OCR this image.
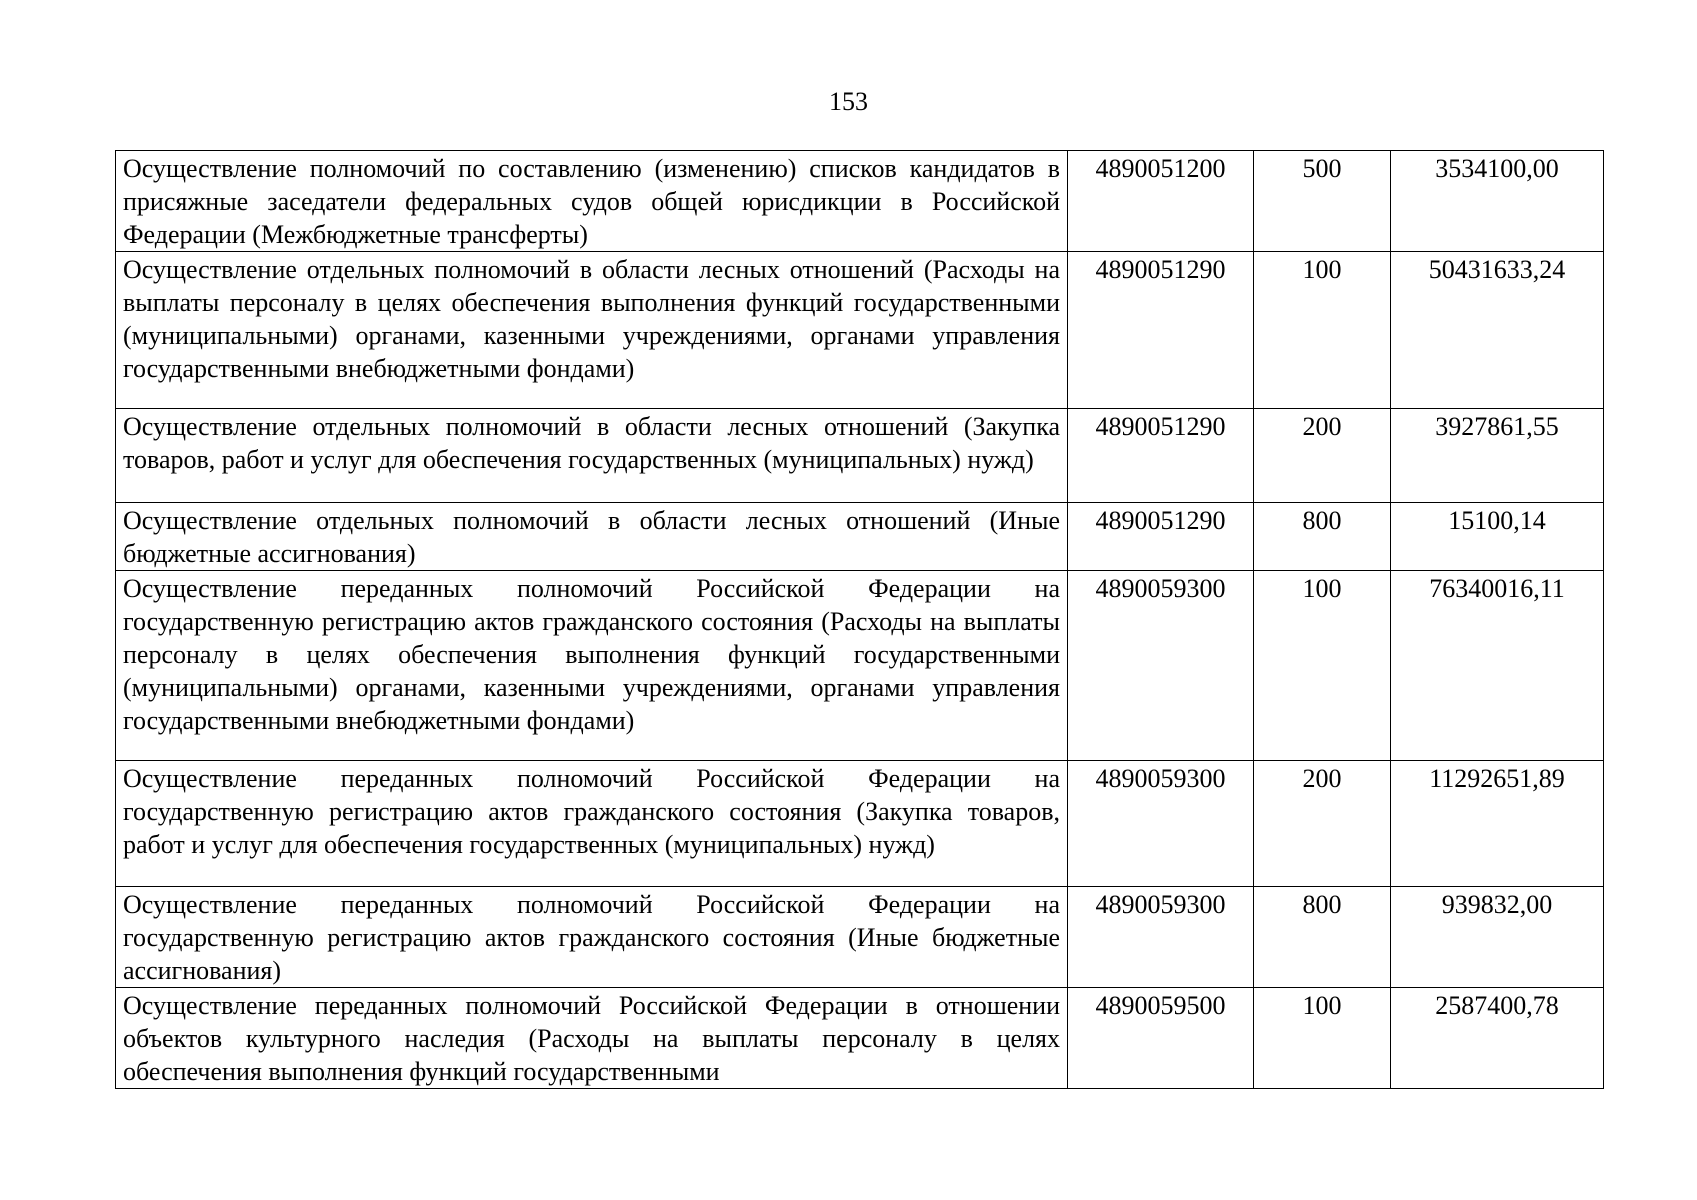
153
Осуществление полномочий по составлению (изменению) списков кандидатов в присяжные заседатели федеральных судов общей юрисдикции в Российской Федерации (Межбюджетные трансферты)	4890051200	500	3534100,00
Осуществление отдельных полномочий в области лесных отношений (Расходы на выплаты персоналу в целях обеспечения выполнения функций государственными (муниципальными) органами, казенными учреждениями, органами управления государственными внебюджетными фондами)	4890051290	100	50431633,24
Осуществление отдельных полномочий в области лесных отношений (Закупка товаров, работ и услуг для обеспечения государственных (муниципальных) нужд)	4890051290	200	3927861,55
Осуществление отдельных полномочий в области лесных отношений (Иные бюджетные ассигнования)	4890051290	800	15100,14
Осуществление переданных полномочий Российской Федерации на государственную регистрацию актов гражданского состояния (Расходы на выплаты персоналу в целях обеспечения выполнения функций государственными (муниципальными) органами, казенными учреждениями, органами управления государственными внебюджетными фондами)	4890059300	100	76340016,11
Осуществление переданных полномочий Российской Федерации на государственную регистрацию актов гражданского состояния (Закупка товаров, работ и услуг для обеспечения государственных (муниципальных) нужд)	4890059300	200	11292651,89
Осуществление переданных полномочий Российской Федерации на государственную регистрацию актов гражданского состояния (Иные бюджетные ассигнования)	4890059300	800	939832,00
Осуществление переданных полномочий Российской Федерации в отношении объектов культурного наследия (Расходы на выплаты персоналу в целях обеспечения выполнения функций государственными	4890059500	100	2587400,78
